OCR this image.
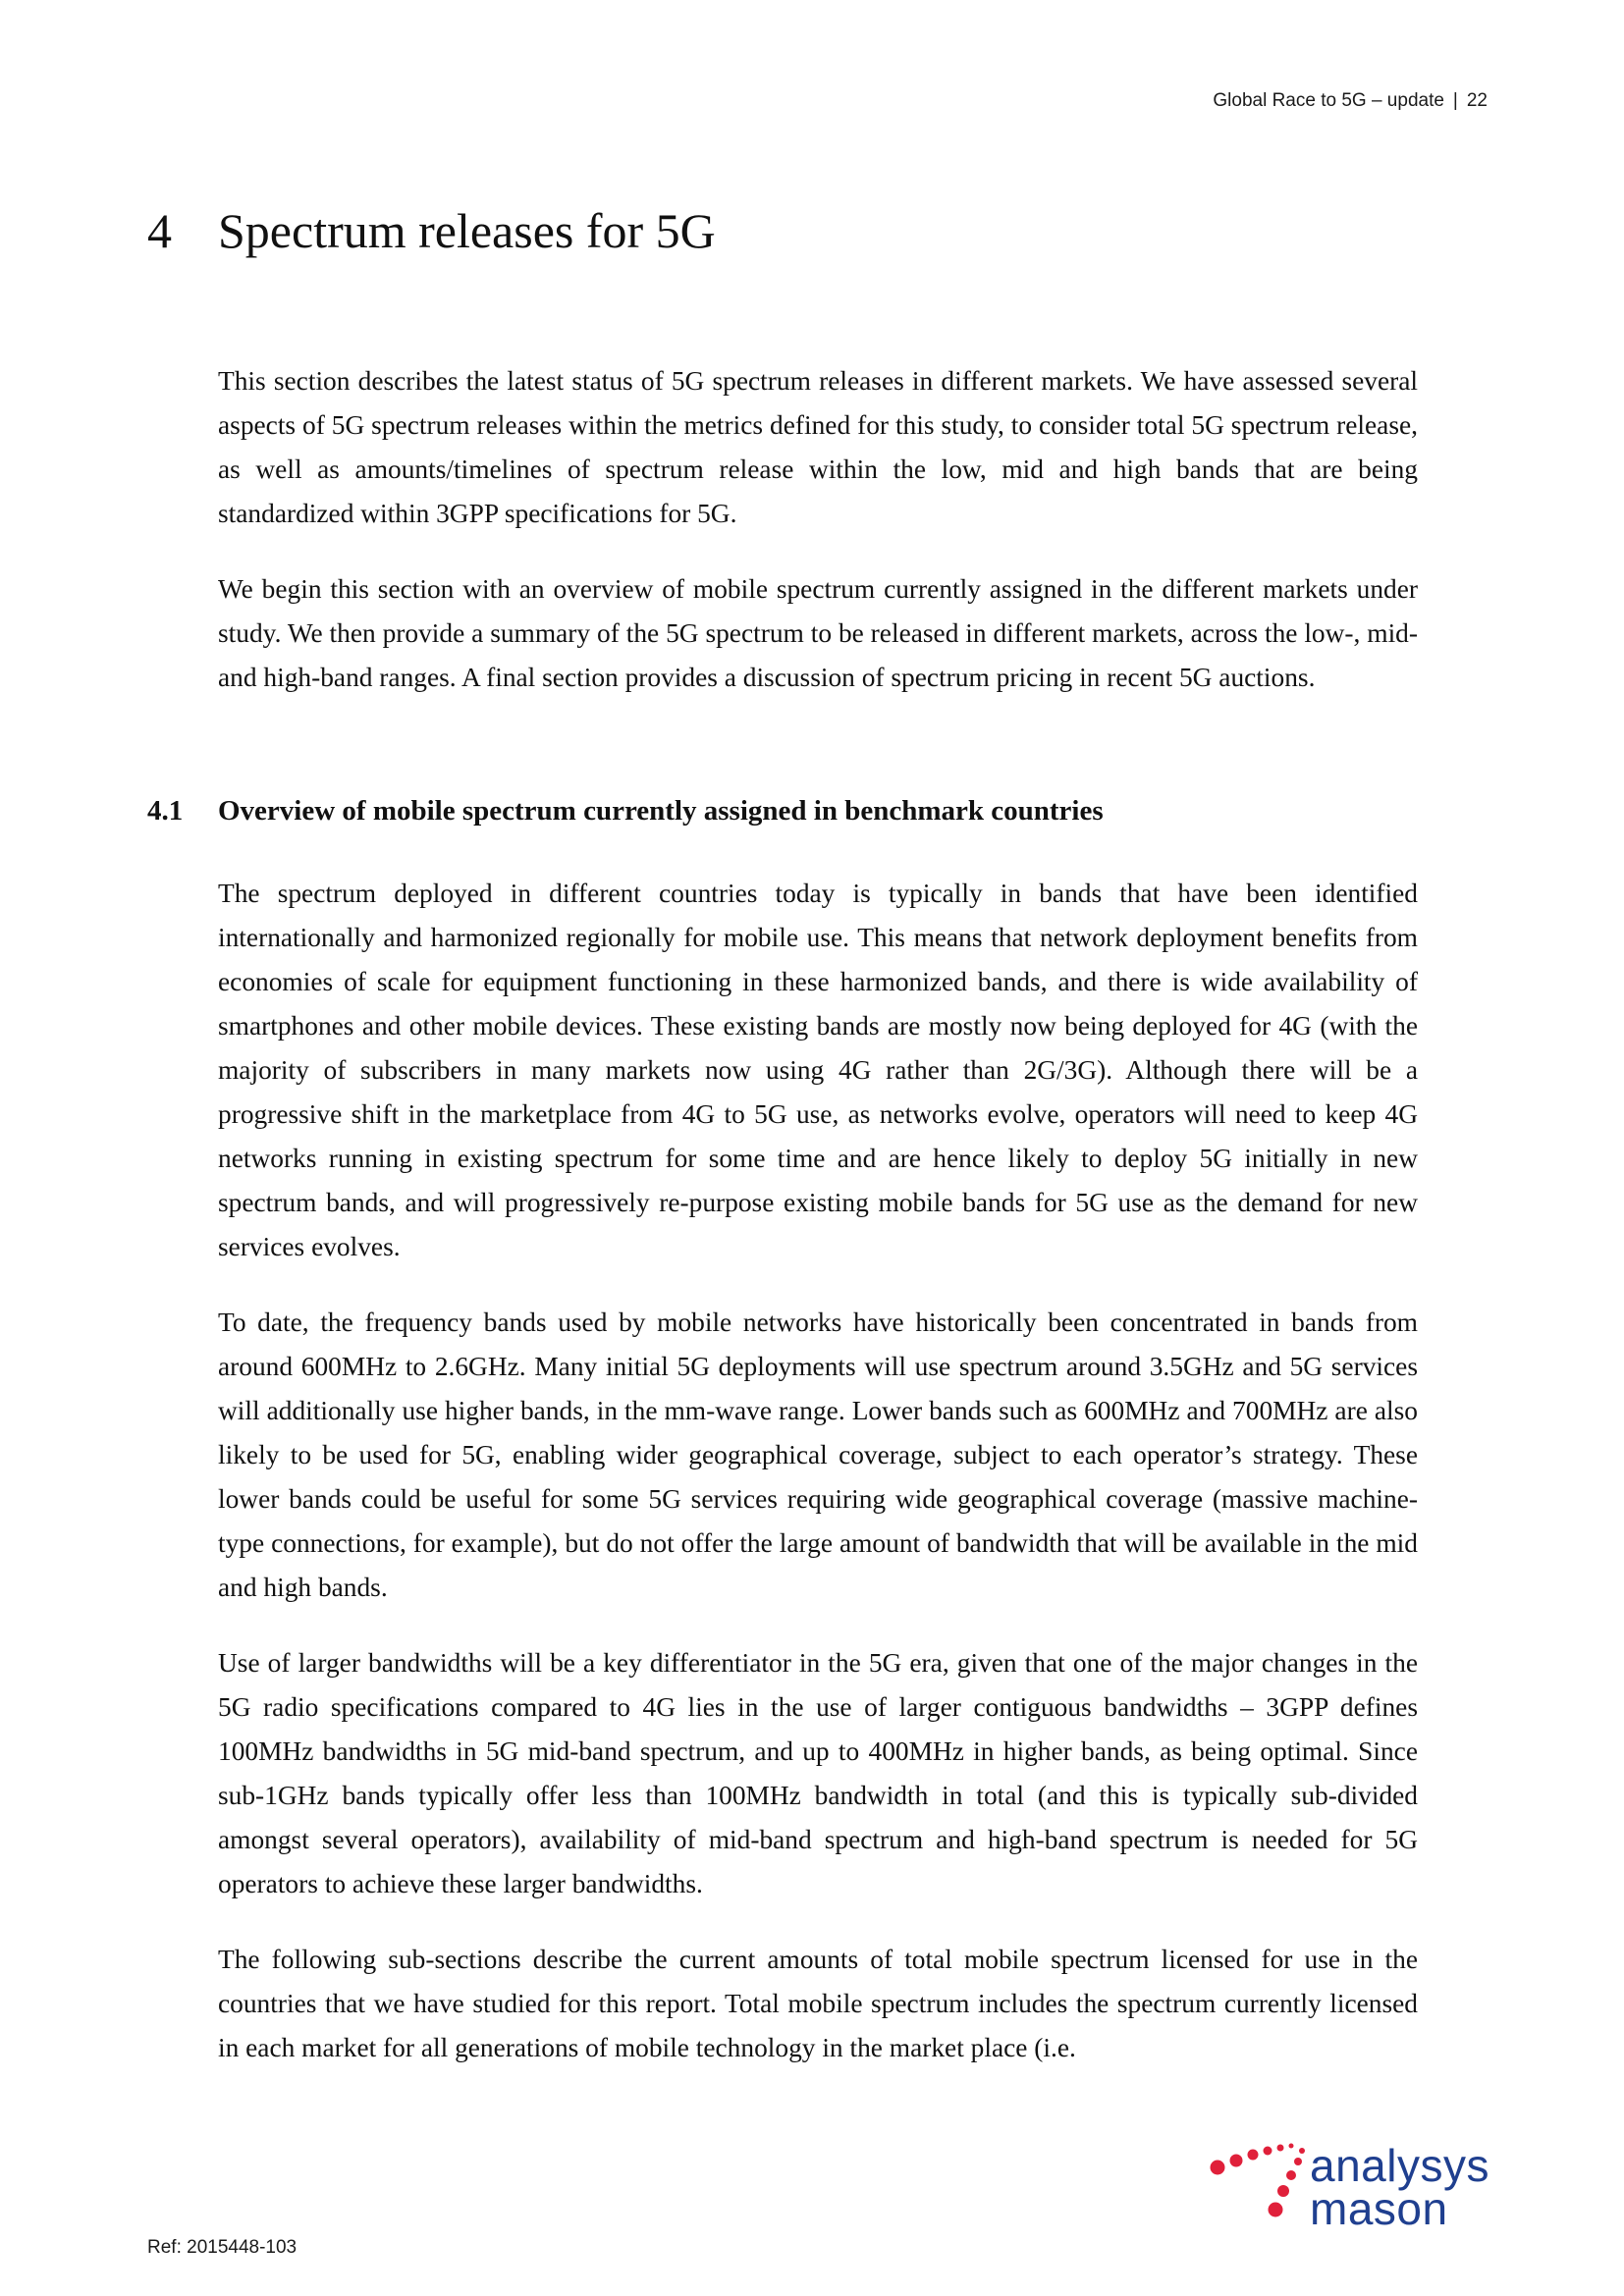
Global Race to 5G – update | 22
4 Spectrum releases for 5G

This section describes the latest status of 5G spectrum releases in different markets. We have assessed several aspects of 5G spectrum releases within the metrics defined for this study, to consider total 5G spectrum release, as well as amounts/timelines of spectrum release within the low, mid and high bands that are being standardized within 3GPP specifications for 5G.

We begin this section with an overview of mobile spectrum currently assigned in the different markets under study. We then provide a summary of the 5G spectrum to be released in different markets, across the low-, mid- and high-band ranges. A final section provides a discussion of spectrum pricing in recent 5G auctions.

4.1 Overview of mobile spectrum currently assigned in benchmark countries

The spectrum deployed in different countries today is typically in bands that have been identified internationally and harmonized regionally for mobile use. This means that network deployment benefits from economies of scale for equipment functioning in these harmonized bands, and there is wide availability of smartphones and other mobile devices. These existing bands are mostly now being deployed for 4G (with the majority of subscribers in many markets now using 4G rather than 2G/3G). Although there will be a progressive shift in the marketplace from 4G to 5G use, as networks evolve, operators will need to keep 4G networks running in existing spectrum for some time and are hence likely to deploy 5G initially in new spectrum bands, and will progressively re-purpose existing mobile bands for 5G use as the demand for new services evolves.

To date, the frequency bands used by mobile networks have historically been concentrated in bands from around 600MHz to 2.6GHz. Many initial 5G deployments will use spectrum around 3.5GHz and 5G services will additionally use higher bands, in the mm-wave range. Lower bands such as 600MHz and 700MHz are also likely to be used for 5G, enabling wider geographical coverage, subject to each operator’s strategy. These lower bands could be useful for some 5G services requiring wide geographical coverage (massive machine-type connections, for example), but do not offer the large amount of bandwidth that will be available in the mid and high bands.

Use of larger bandwidths will be a key differentiator in the 5G era, given that one of the major changes in the 5G radio specifications compared to 4G lies in the use of larger contiguous bandwidths – 3GPP defines 100MHz bandwidths in 5G mid-band spectrum, and up to 400MHz in higher bands, as being optimal. Since sub-1GHz bands typically offer less than 100MHz bandwidth in total (and this is typically sub-divided amongst several operators), availability of mid-band spectrum and high-band spectrum is needed for 5G operators to achieve these larger bandwidths.

The following sub-sections describe the current amounts of total mobile spectrum licensed for use in the countries that we have studied for this report. Total mobile spectrum includes the spectrum currently licensed in each market for all generations of mobile technology in the market place (i.e.

Ref: 2015448-103
analysys
mason
